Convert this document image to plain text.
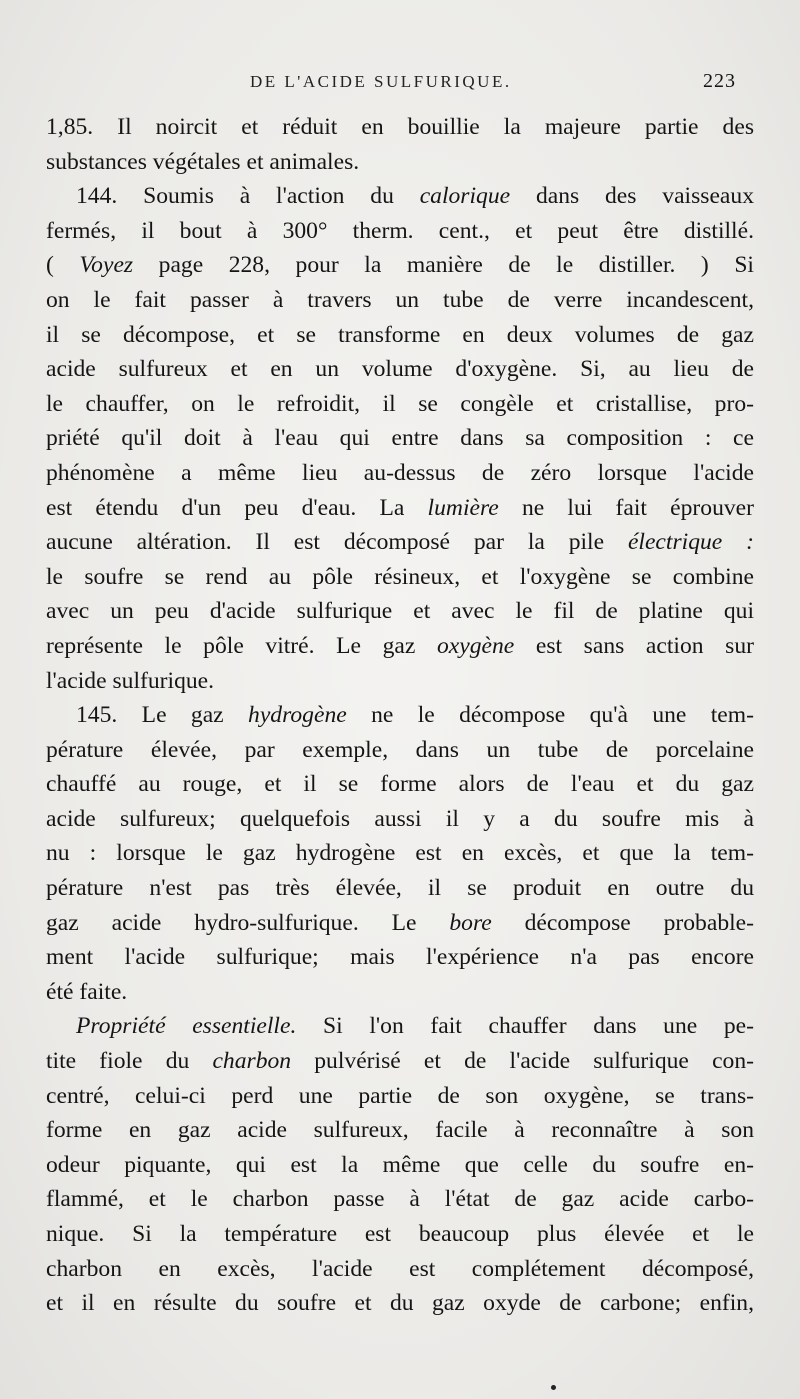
DE L'ACIDE SULFURIQUE.	223
1,85. Il noircit et réduit en bouillie la majeure partie des
substances végétales et animales.
144. Soumis à l'action du calorique dans des vaisseaux
fermés, il bout à 300° therm. cent., et peut être distillé.
( Voyez page 228, pour la manière de le distiller. ) Si
on le fait passer à travers un tube de verre incandescent,
il se décompose, et se transforme en deux volumes de gaz
acide sulfureux et en un volume d'oxygène. Si, au lieu de
le chauffer, on le refroidit, il se congèle et cristallise, pro-
priété qu'il doit à l'eau qui entre dans sa composition : ce
phénomène a même lieu au-dessus de zéro lorsque l'acide
est étendu d'un peu d'eau. La lumière ne lui fait éprouver
aucune altération. Il est décomposé par la pile électrique :
le soufre se rend au pôle résineux, et l'oxygène se combine
avec un peu d'acide sulfurique et avec le fil de platine qui
représente le pôle vitré. Le gaz oxygène est sans action sur
l'acide sulfurique.
145. Le gaz hydrogène ne le décompose qu'à une tem-
pérature élevée, par exemple, dans un tube de porcelaine
chauffé au rouge, et il se forme alors de l'eau et du gaz
acide sulfureux; quelquefois aussi il y a du soufre mis à
nu : lorsque le gaz hydrogène est en excès, et que la tem-
pérature n'est pas très élevée, il se produit en outre du
gaz acide hydro-sulfurique. Le bore décompose probable-
ment l'acide sulfurique; mais l'expérience n'a pas encore
été faite.
Propriété essentielle. Si l'on fait chauffer dans une pe-
tite fiole du charbon pulvérisé et de l'acide sulfurique con-
centré, celui-ci perd une partie de son oxygène, se trans-
forme en gaz acide sulfureux, facile à reconnaître à son
odeur piquante, qui est la même que celle du soufre en-
flammé, et le charbon passe à l'état de gaz acide carbo-
nique. Si la température est beaucoup plus élevée et le
charbon en excès, l'acide est complétement décomposé,
et il en résulte du soufre et du gaz oxyde de carbone; enfin,
